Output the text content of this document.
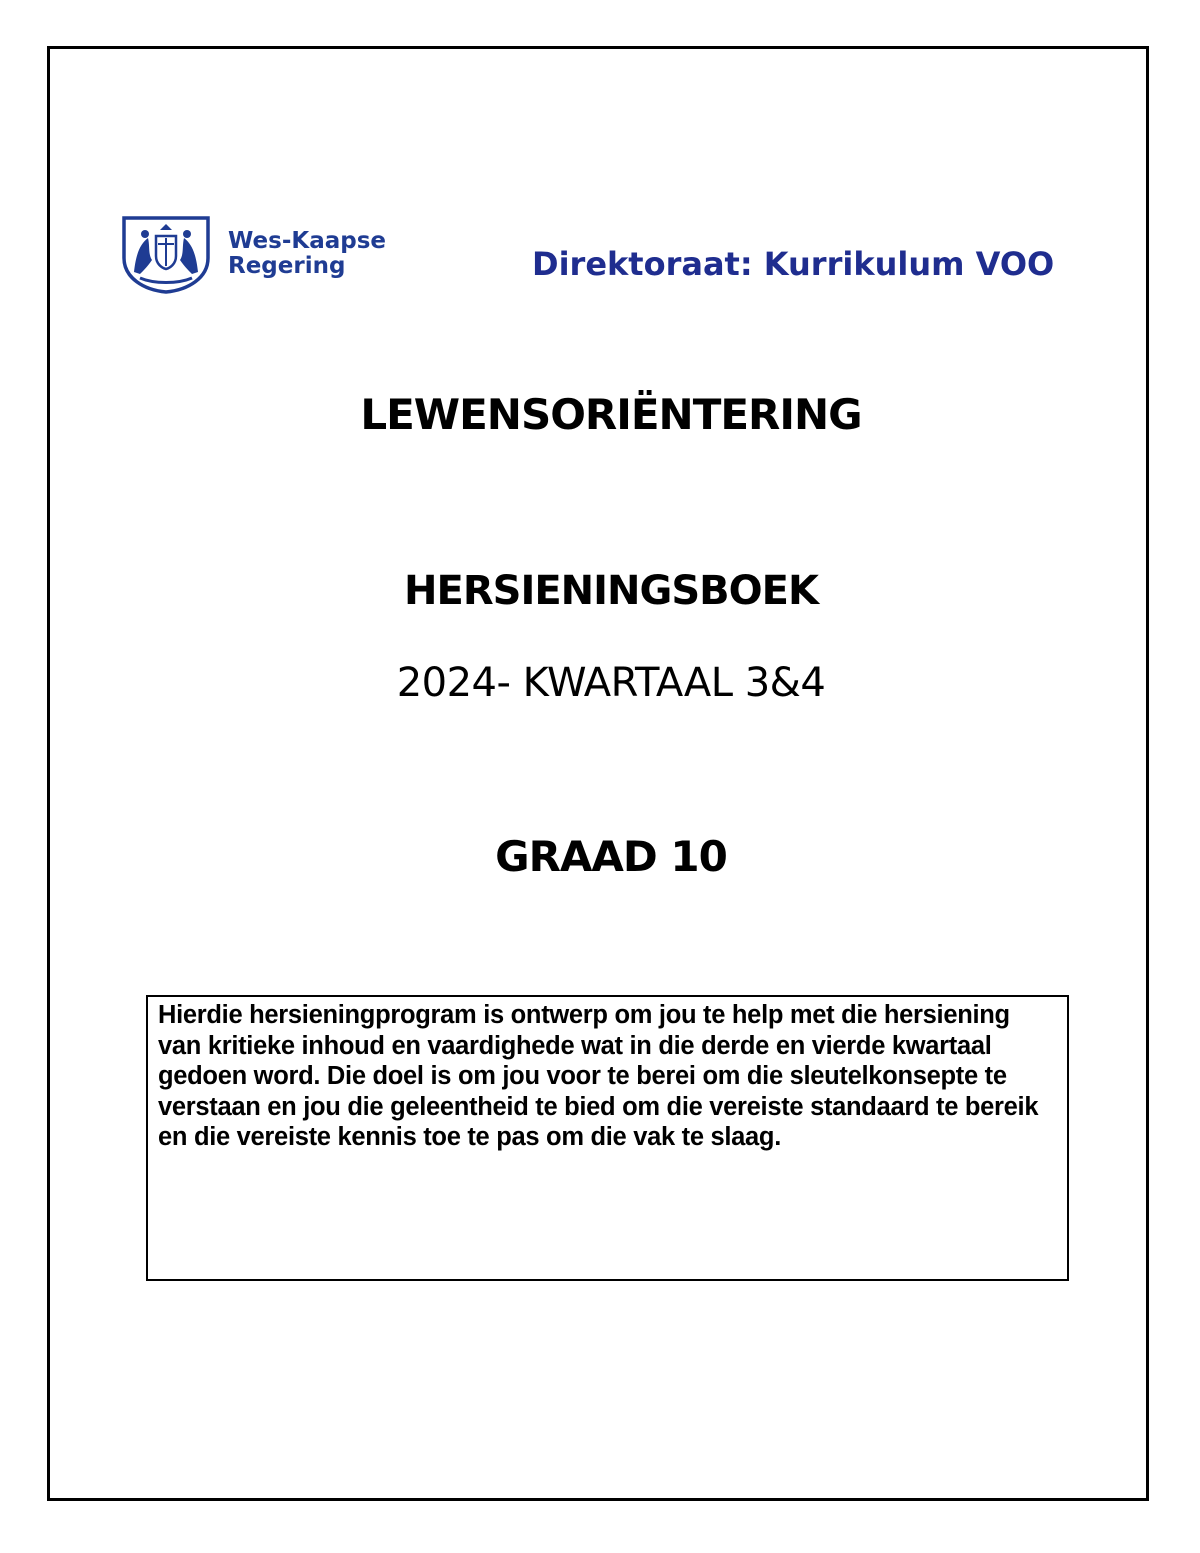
Wes-Kaapse
Regering	Direktoraat: Kurrikulum VOO
LEWENSORIËNTERING
HERSIENINGSBOEK
2024- KWARTAAL 3&4
GRAAD 10
Hierdie hersieningprogram is ontwerp om jou te help met die hersiening van kritieke inhoud en vaardighede wat in die derde en vierde kwartaal gedoen word. Die doel is om jou voor te berei om die sleutelkonsepte te verstaan en jou die geleentheid te bied om die vereiste standaard te bereik en die vereiste kennis toe te pas om die vak te slaag.
